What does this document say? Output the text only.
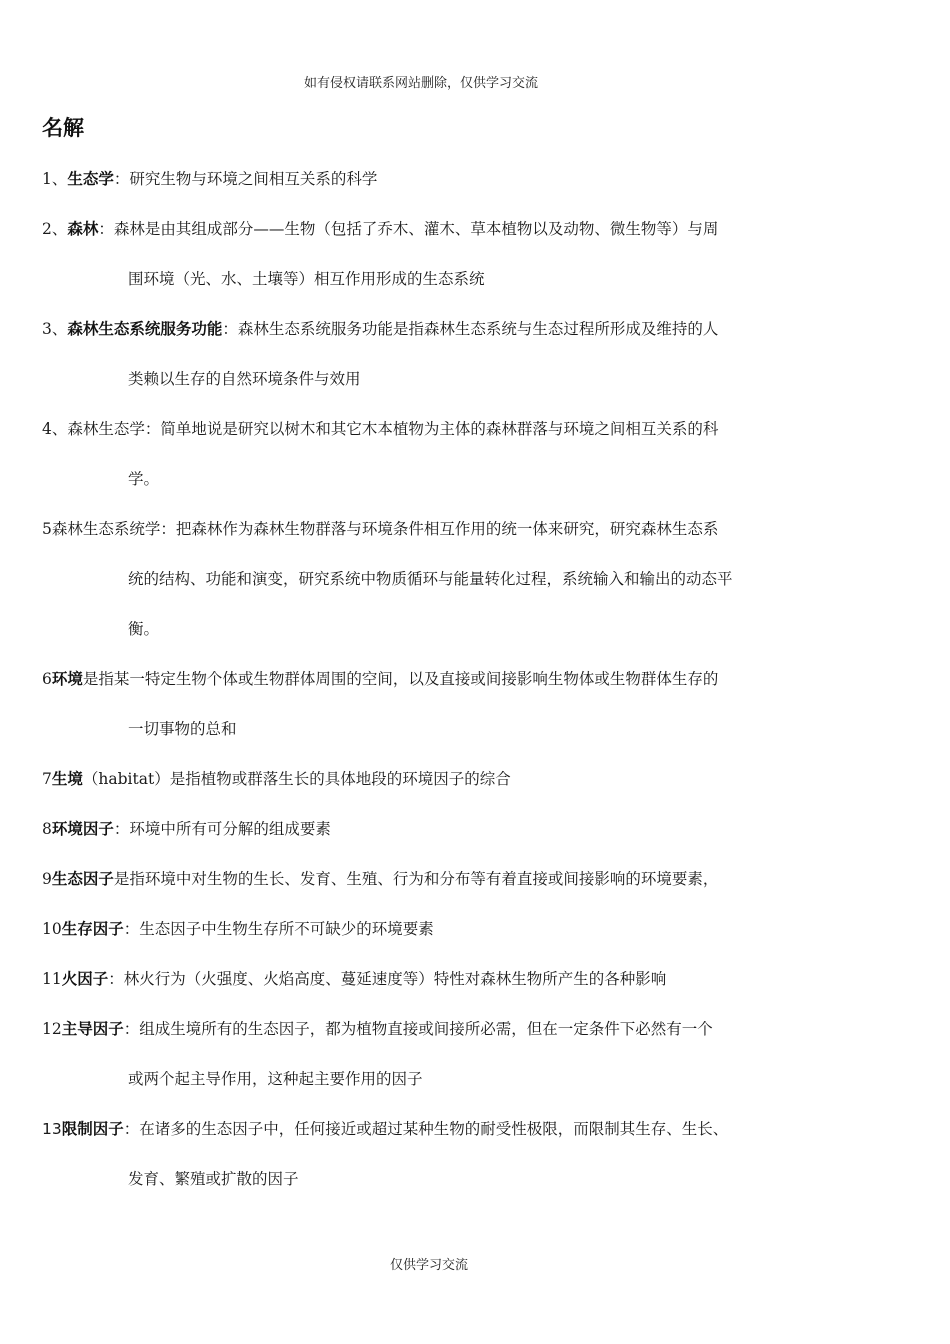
如有侵权请联系网站删除，仅供学习交流
名解

1、生态学：研究生物与环境之间相互关系的科学

2、森林：森林是由其组成部分——生物（包括了乔木、灌木、草本植物以及动物、微生物等）与周

围环境（光、水、土壤等）相互作用形成的生态系统

3、森林生态系统服务功能：森林生态系统服务功能是指森林生态系统与生态过程所形成及维持的人

类赖以生存的自然环境条件与效用

4、森林生态学：简单地说是研究以树木和其它木本植物为主体的森林群落与环境之间相互关系的科

学。

5森林生态系统学：把森林作为森林生物群落与环境条件相互作用的统一体来研究，研究森林生态系

统的结构、功能和演变，研究系统中物质循环与能量转化过程，系统输入和输出的动态平

衡。

6环境是指某一特定生物个体或生物群体周围的空间，以及直接或间接影响生物体或生物群体生存的

一切事物的总和

7生境（habitat）是指植物或群落生长的具体地段的环境因子的综合

8环境因子：环境中所有可分解的组成要素

9生态因子是指环境中对生物的生长、发育、生殖、行为和分布等有着直接或间接影响的环境要素，

10生存因子：生态因子中生物生存所不可缺少的环境要素

11火因子：林火行为（火强度、火焰高度、蔓延速度等）特性对森林生物所产生的各种影响

12主导因子：组成生境所有的生态因子，都为植物直接或间接所必需，但在一定条件下必然有一个

或两个起主导作用，这种起主要作用的因子

13限制因子：在诸多的生态因子中，任何接近或超过某种生物的耐受性极限，而限制其生存、生长、

发育、繁殖或扩散的因子

仅供学习交流
